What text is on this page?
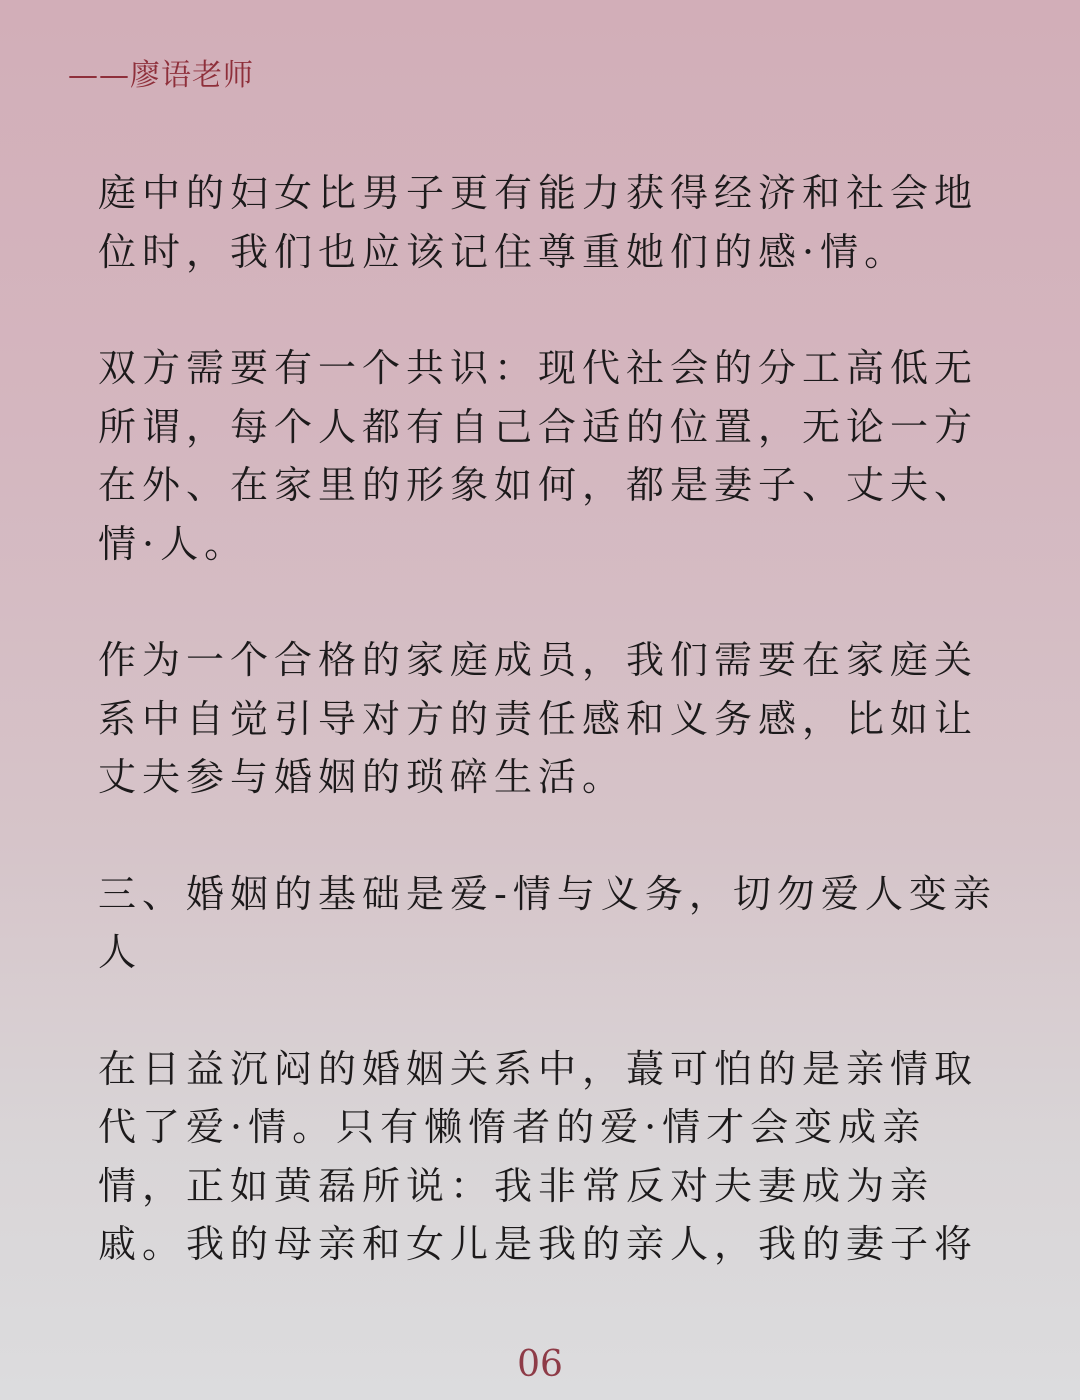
——廖语老师

庭中的妇女比男子更有能力获得经济和社会地
位时，我们也应该记住尊重她们的感·情。

双方需要有一个共识：现代社会的分工高低无
所谓，每个人都有自己合适的位置，无论一方
在外、在家里的形象如何，都是妻子、丈夫、
情·人。

作为一个合格的家庭成员，我们需要在家庭关
系中自觉引导对方的责任感和义务感，比如让
丈夫参与婚姻的琐碎生活。

三、婚姻的基础是爱-情与义务，切勿爱人变亲
人

在日益沉闷的婚姻关系中，蕞可怕的是亲情取
代了爱·情。只有懒惰者的爱·情才会变成亲
情，正如黄磊所说：我非常反对夫妻成为亲
戚。我的母亲和女儿是我的亲人，我的妻子将

06
